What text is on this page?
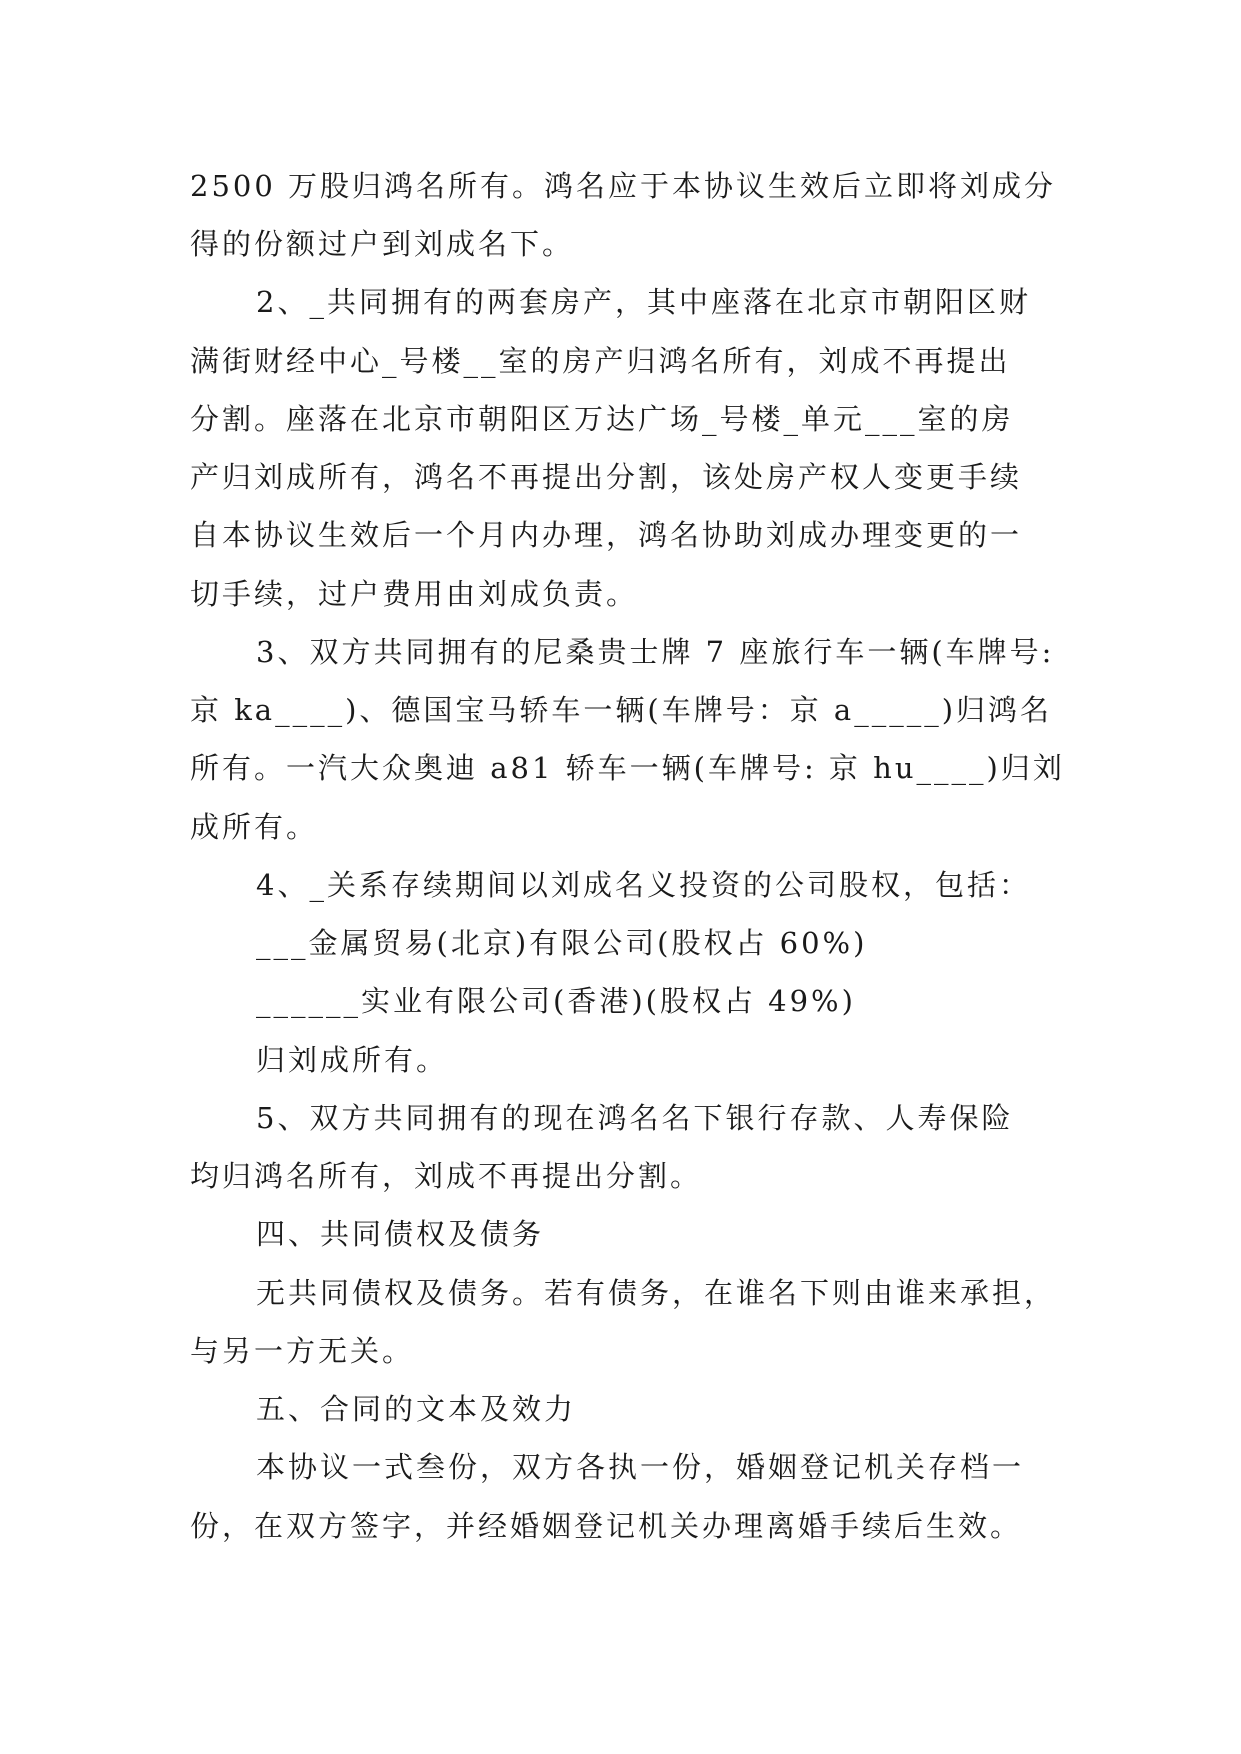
2500 万股归鸿名所有。鸿名应于本协议生效后立即将刘成分
得的份额过户到刘成名下。
2、_共同拥有的两套房产，其中座落在北京市朝阳区财
满街财经中心_号楼__室的房产归鸿名所有，刘成不再提出
分割。座落在北京市朝阳区万达广场_号楼_单元___室的房
产归刘成所有，鸿名不再提出分割，该处房产权人变更手续
自本协议生效后一个月内办理，鸿名协助刘成办理变更的一
切手续，过户费用由刘成负责。
3、双方共同拥有的尼桑贵士牌 7 座旅行车一辆(车牌号:
京 ka____)、德国宝马轿车一辆(车牌号：京 a_____)归鸿名
所有。一汽大众奥迪 a81 轿车一辆(车牌号: 京 hu____)归刘
成所有。
4、_关系存续期间以刘成名义投资的公司股权，包括：
___金属贸易(北京)有限公司(股权占 60%)
______实业有限公司(香港)(股权占 49%)
归刘成所有。
5、双方共同拥有的现在鸿名名下银行存款、人寿保险
均归鸿名所有，刘成不再提出分割。
四、共同债权及债务
无共同债权及债务。若有债务，在谁名下则由谁来承担，
与另一方无关。
五、合同的文本及效力
本协议一式叁份，双方各执一份，婚姻登记机关存档一
份，在双方签字，并经婚姻登记机关办理离婚手续后生效。
